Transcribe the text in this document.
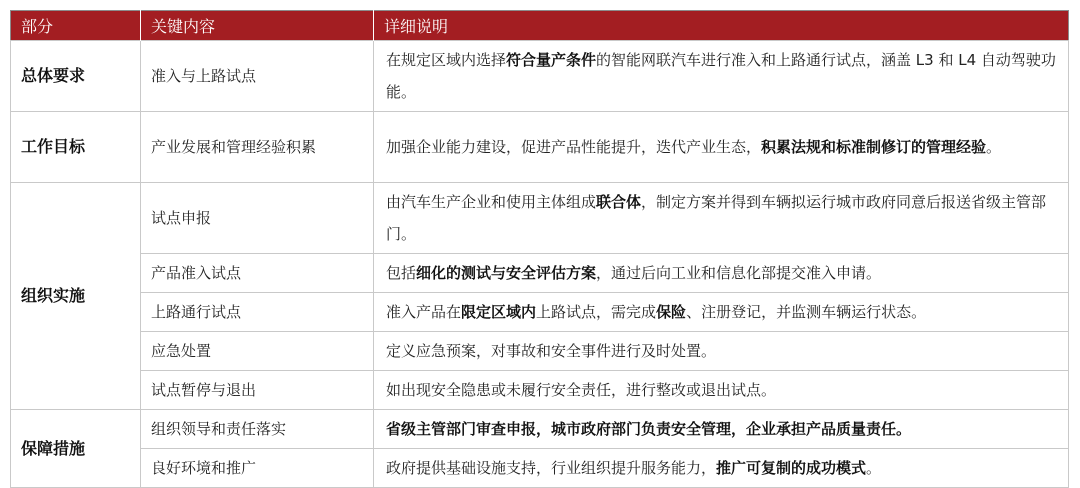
部分	关键内容	详细说明
总体要求	准入与上路试点	在规定区域内选择符合量产条件的智能网联汽车进行准入和上路通行试点，涵盖 L3 和 L4 自动驾驶功能。
工作目标	产业发展和管理经验积累	加强企业能力建设，促进产品性能提升，迭代产业生态，积累法规和标准制修订的管理经验。
组织实施	试点申报	由汽车生产企业和使用主体组成联合体，制定方案并得到车辆拟运行城市政府同意后报送省级主管部门。
	产品准入试点	包括细化的测试与安全评估方案，通过后向工业和信息化部提交准入申请。
	上路通行试点	准入产品在限定区域内上路试点，需完成保险、注册登记，并监测车辆运行状态。
	应急处置	定义应急预案，对事故和安全事件进行及时处置。
	试点暂停与退出	如出现安全隐患或未履行安全责任，进行整改或退出试点。
保障措施	组织领导和责任落实	省级主管部门审查申报，城市政府部门负责安全管理，企业承担产品质量责任。
	良好环境和推广	政府提供基础设施支持，行业组织提升服务能力，推广可复制的成功模式。
